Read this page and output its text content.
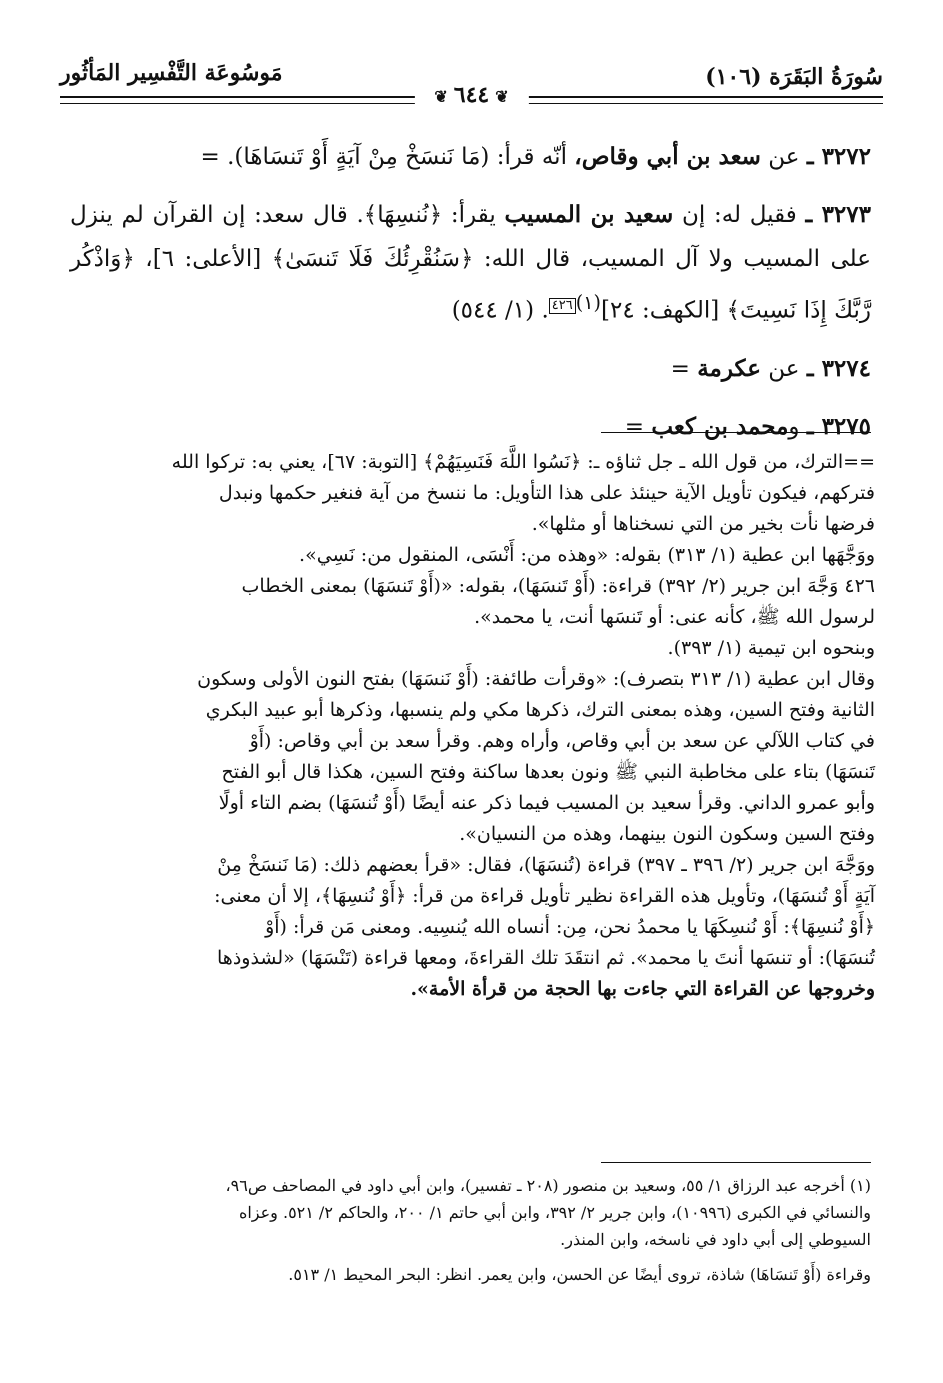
سُورَةُ البَقَرَة (١٠٦)
مَوسُوعَة التَّفْسِير المَأثُور
❦٦٤٤❦

٣٢٧٢ ـ عن سعد بن أبي وقاص، أنّه قرأ: (مَا نَنسَخْ مِنْ آيَةٍ أَوْ تَنسَاهَا). =

٣٢٧٣ ـ فقيل له: إن سعيد بن المسيب يقرأ: ﴿نُنسِهَا﴾. قال سعد: إن القرآن لم ينزل على المسيب ولا آل المسيب، قال الله: ﴿سَنُقْرِئُكَ فَلَا تَنسَىٰ﴾ [الأعلى: ٦]، ﴿وَاذْكُر رَّبَّكَ إِذَا نَسِيتَ﴾ [الكهف: ٢٤]$^{(١)}$٤٢٦. (١/ ٥٤٤)

٣٢٧٤ ـ عن عكرمة =

٣٢٧٥ ـ ومحمد بن كعب =

==الترك، من قول الله ـ جل ثناؤه ـ: ﴿نَسُوا اللَّهَ فَنَسِيَهُمْ﴾ [التوبة: ٦٧]، يعني به: تركوا الله
فتركهم، فيكون تأويل الآية حينئذ على هذا التأويل: ما ننسخ من آية فنغير حكمها ونبدل
فرضها نأت بخير من التي نسخناها أو مثلها».
ووَجَّهَها ابن عطية (١/ ٣١٣) بقوله: «وهذه من: أَنْسَى، المنقول من: نَسِي».
٤٢٦ وَجَّهَ ابن جرير (٢/ ٣٩٢) قراءة: (أَوْ تَنسَهَا)، بقوله: «(أَوْ تَنسَهَا) بمعنى الخطاب
لرسول الله ﷺ، كأنه عنى: أو تَنسَها أنت، يا محمد».
وبنحوه ابن تيمية (١/ ٣٩٣).
وقال ابن عطية (١/ ٣١٣ بتصرف): «وقرأت طائفة: (أَوْ نَنسَهَا) بفتح النون الأولى وسكون
الثانية وفتح السين، وهذه بمعنى الترك، ذكرها مكي ولم ينسبها، وذكرها أبو عبيد البكري
في كتاب اللآلي عن سعد بن أبي وقاص، وأراه وهم. وقرأ سعد بن أبي وقاص: (أَوْ
تَنسَهَا) بتاء على مخاطبة النبي ﷺ ونون بعدها ساكنة وفتح السين، هكذا قال أبو الفتح
وأبو عمرو الداني. وقرأ سعيد بن المسيب فيما ذكر عنه أيضًا (أَوْ تُنسَهَا) بضم التاء أولًا
وفتح السين وسكون النون بينهما، وهذه من النسيان».
ووَجَّهَ ابن جرير (٢/ ٣٩٦ ـ ٣٩٧) قراءة (تُنسَهَا)، فقال: «قرأ بعضهم ذلك: (مَا نَنسَخْ مِنْ
آيَةٍ أَوْ تُنسَهَا)، وتأويل هذه القراءة نظير تأويل قراءة من قرأ: ﴿أَوْ نُنسِهَا﴾، إلا أن معنى:
﴿أَوْ نُنسِهَا﴾: أَوْ نُنسِكَهَا يا محمدُ نحن، مِن: أنساه الله يُنسِيه. ومعنى مَن قرأ: (أَوْ
تُنسَهَا): أو تنسَها أنتَ يا محمد». ثم انتقَدَ تلك القراءةَ، ومعها قراءة (تَنْسَهَا) «لشذوذها
وخروجها عن القراءة التي جاءت بها الحجة من قرأة الأمة».
(١) أخرجه عبد الرزاق ١/ ٥٥، وسعيد بن منصور (٢٠٨ ـ تفسير)، وابن أبي داود في المصاحف ص٩٦،
والنسائي في الكبرى (١٠٩٩٦)، وابن جرير ٢/ ٣٩٢، وابن أبي حاتم ١/ ٢٠٠، والحاكم ٢/ ٥٢١. وعزاه
السيوطي إلى أبي داود في ناسخه، وابن المنذر.
وقراءة (أَوْ تَنسَاهَا) شاذة، تروى أيضًا عن الحسن، وابن يعمر. انظر: البحر المحيط ١/ ٥١٣.
